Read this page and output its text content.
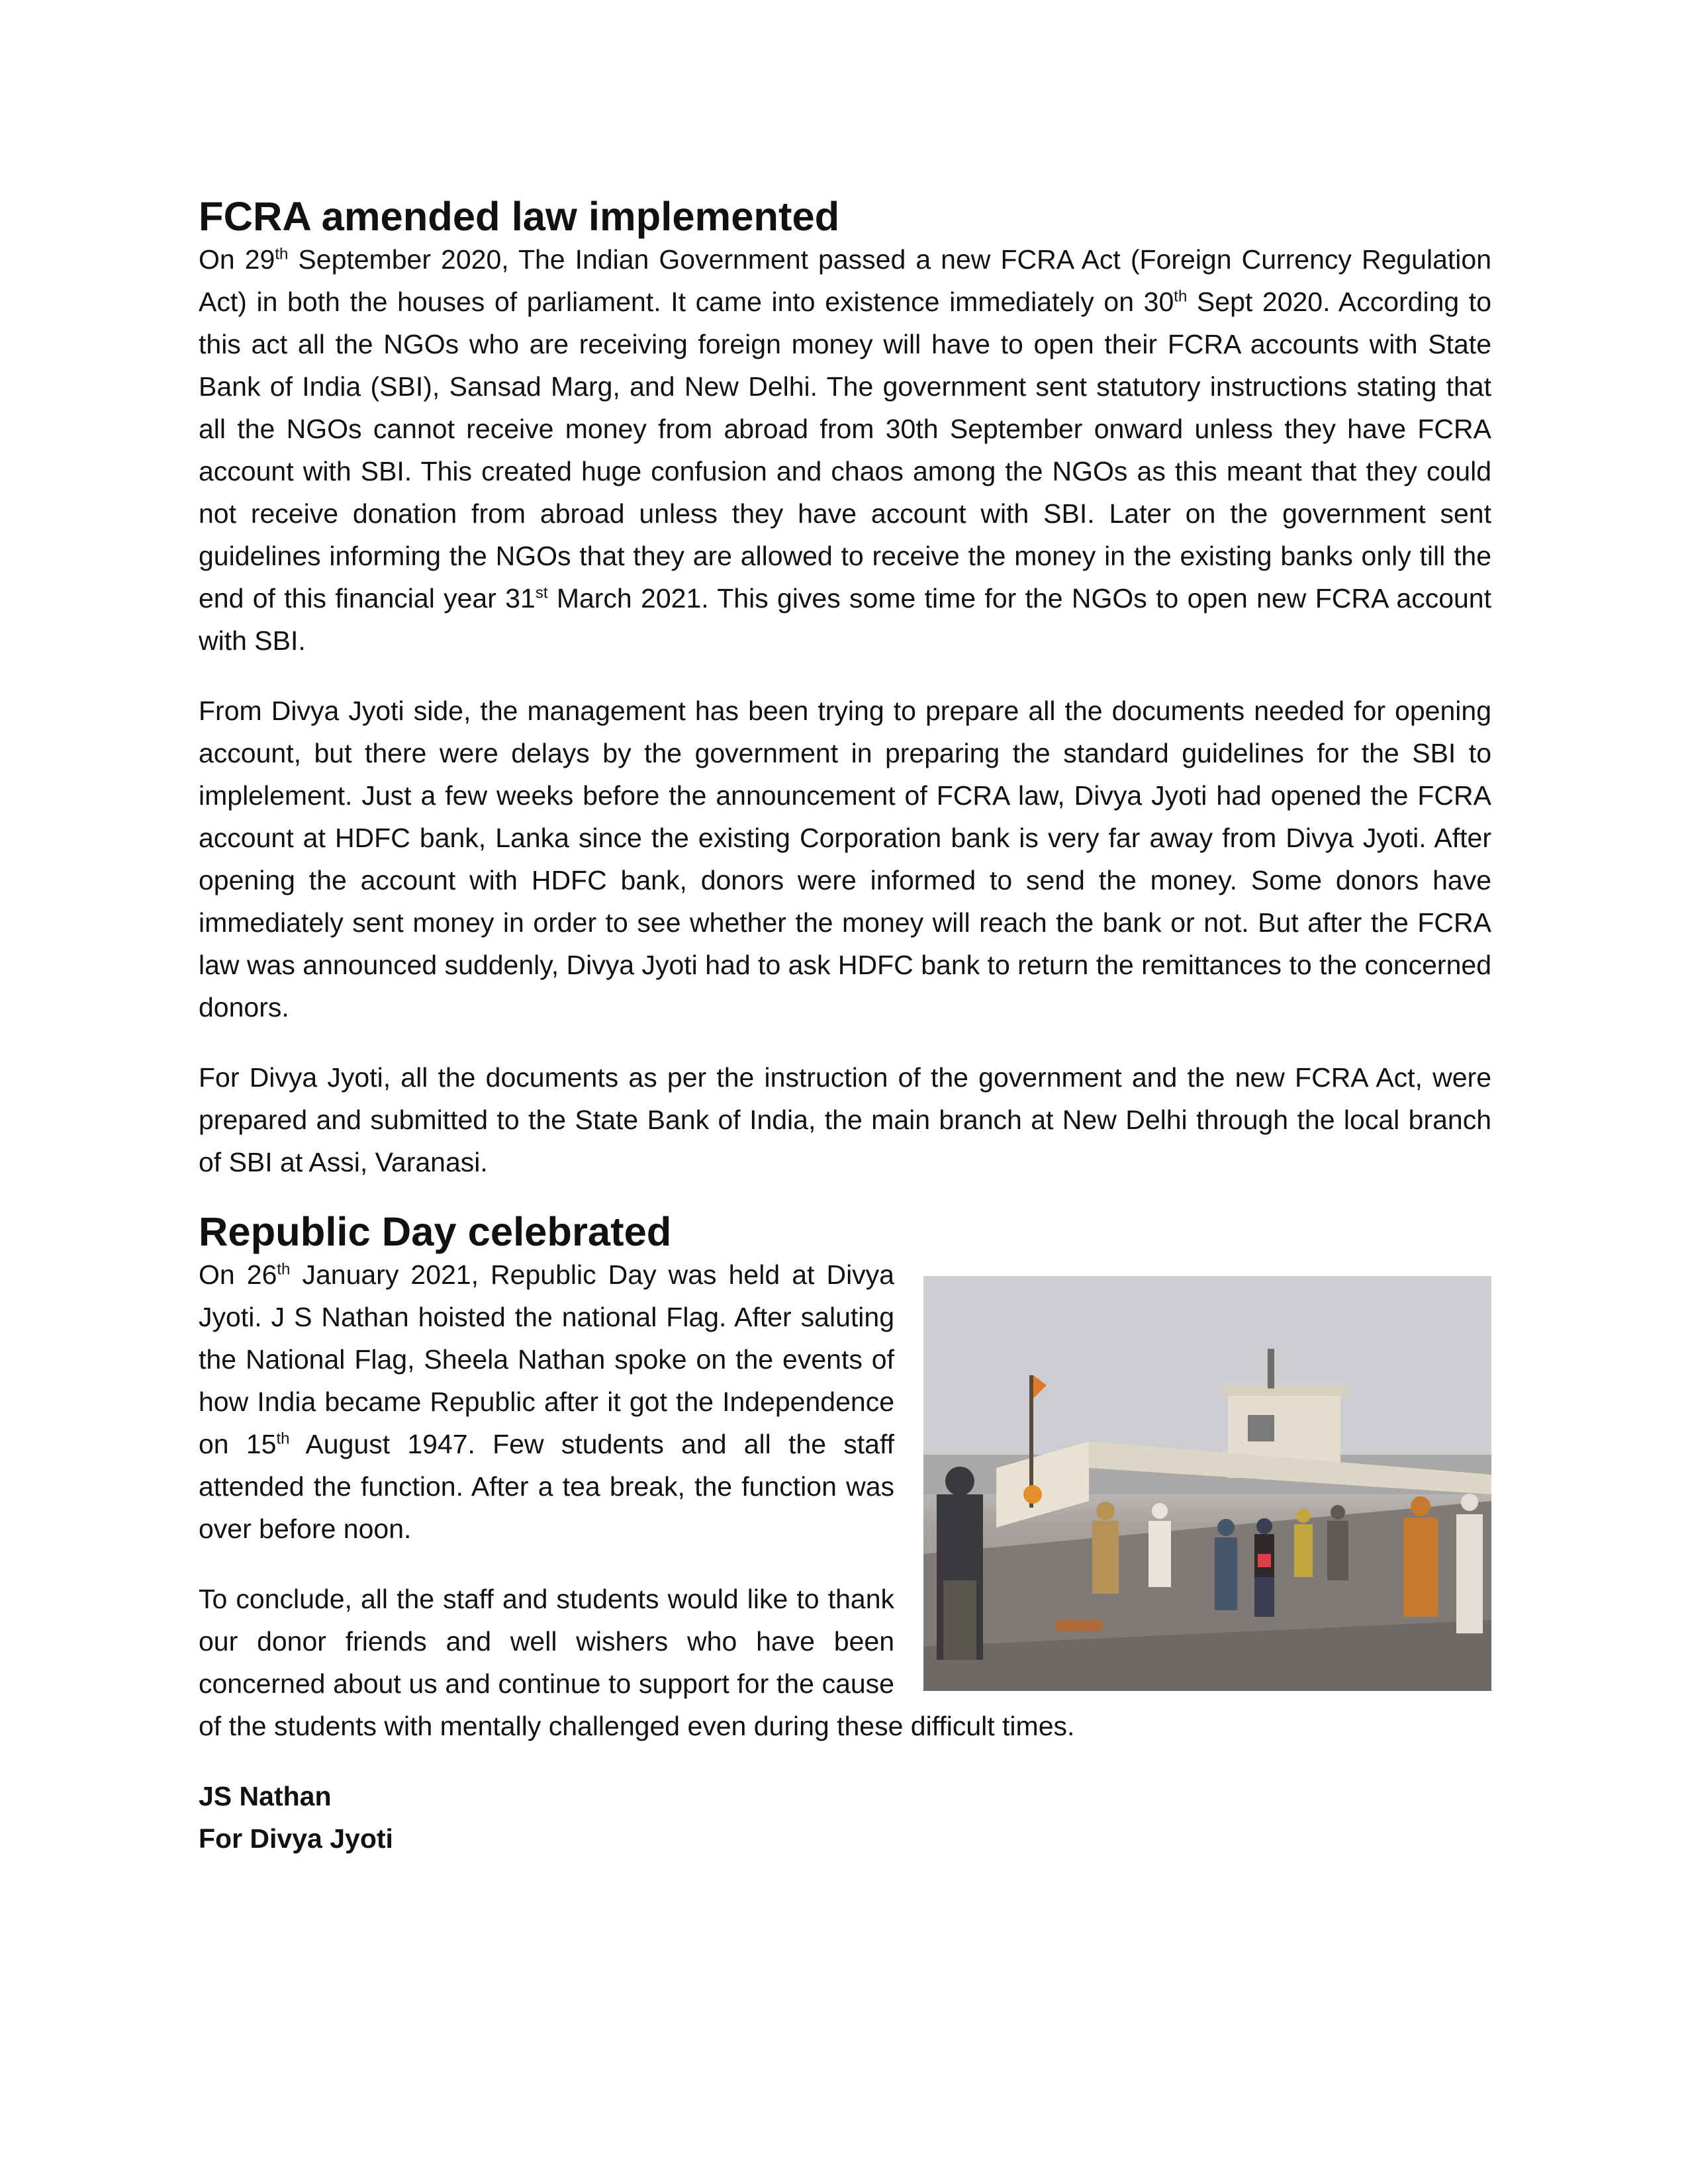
FCRA amended law implemented

On 29th September 2020, The Indian Government passed a new FCRA Act (Foreign Currency Regulation Act) in both the houses of parliament. It came into existence immediately on 30th Sept 2020. According to this act all the NGOs who are receiving foreign money will have to open their FCRA accounts with State Bank of India (SBI), Sansad Marg, and New Delhi. The government sent statutory instructions stating that all the NGOs cannot receive money from abroad from 30th September onward unless they have FCRA account with SBI. This created huge confusion and chaos among the NGOs as this meant that they could not receive donation from abroad unless they have account with SBI. Later on the government sent guidelines informing the NGOs that they are allowed to receive the money in the existing banks only till the end of this financial year 31st March 2021. This gives some time for the NGOs to open new FCRA account with SBI.

From Divya Jyoti side, the management has been trying to prepare all the documents needed for opening account, but there were delays by the government in preparing the standard guidelines for the SBI to implelement. Just a few weeks before the announcement of FCRA law, Divya Jyoti had opened the FCRA account at HDFC bank, Lanka since the existing Corporation bank is very far away from Divya Jyoti. After opening the account with HDFC bank, donors were informed to send the money. Some donors have immediately sent money in order to see whether the money will reach the bank or not. But after the FCRA law was announced suddenly, Divya Jyoti had to ask HDFC bank to return the remittances to the concerned donors.

For Divya Jyoti, all the documents as per the instruction of the government and the new FCRA Act, were prepared and submitted to the State Bank of India, the main branch at New Delhi through the local branch of SBI at Assi, Varanasi.

Republic Day celebrated

On 26th January 2021, Republic Day was held at Divya Jyoti. J S Nathan hoisted the national Flag. After saluting the National Flag, Sheela Nathan spoke on the events of how India became Republic after it got the Independence on 15th August 1947. Few students and all the staff attended the function. After a tea break, the function was over before noon.

To conclude, all the staff and students would like to thank our donor friends and well wishers who have been concerned about us and continue to support for the cause of the students with mentally challenged even during these difficult times.

JS Nathan

For Divya Jyoti
